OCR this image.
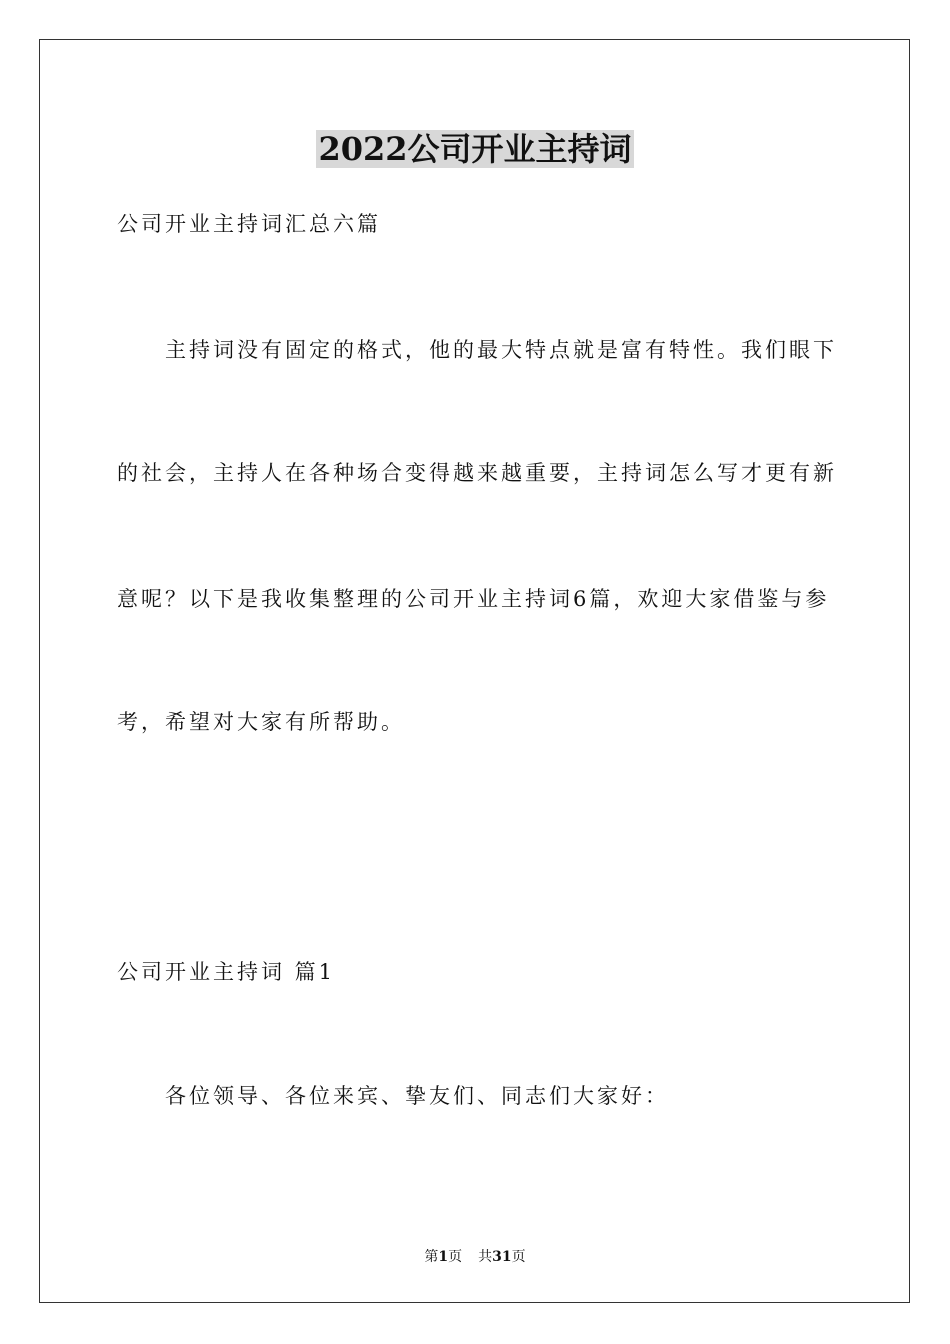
2022公司开业主持词

公司开业主持词汇总六篇

主持词没有固定的格式，他的最大特点就是富有特性。我们眼下

的社会，主持人在各种场合变得越来越重要，主持词怎么写才更有新

意呢？以下是我收集整理的公司开业主持词6篇，欢迎大家借鉴与参

考，希望对大家有所帮助。

公司开业主持词 篇1

各位领导、各位来宾、挚友们、同志们大家好：

第1页 共31页
